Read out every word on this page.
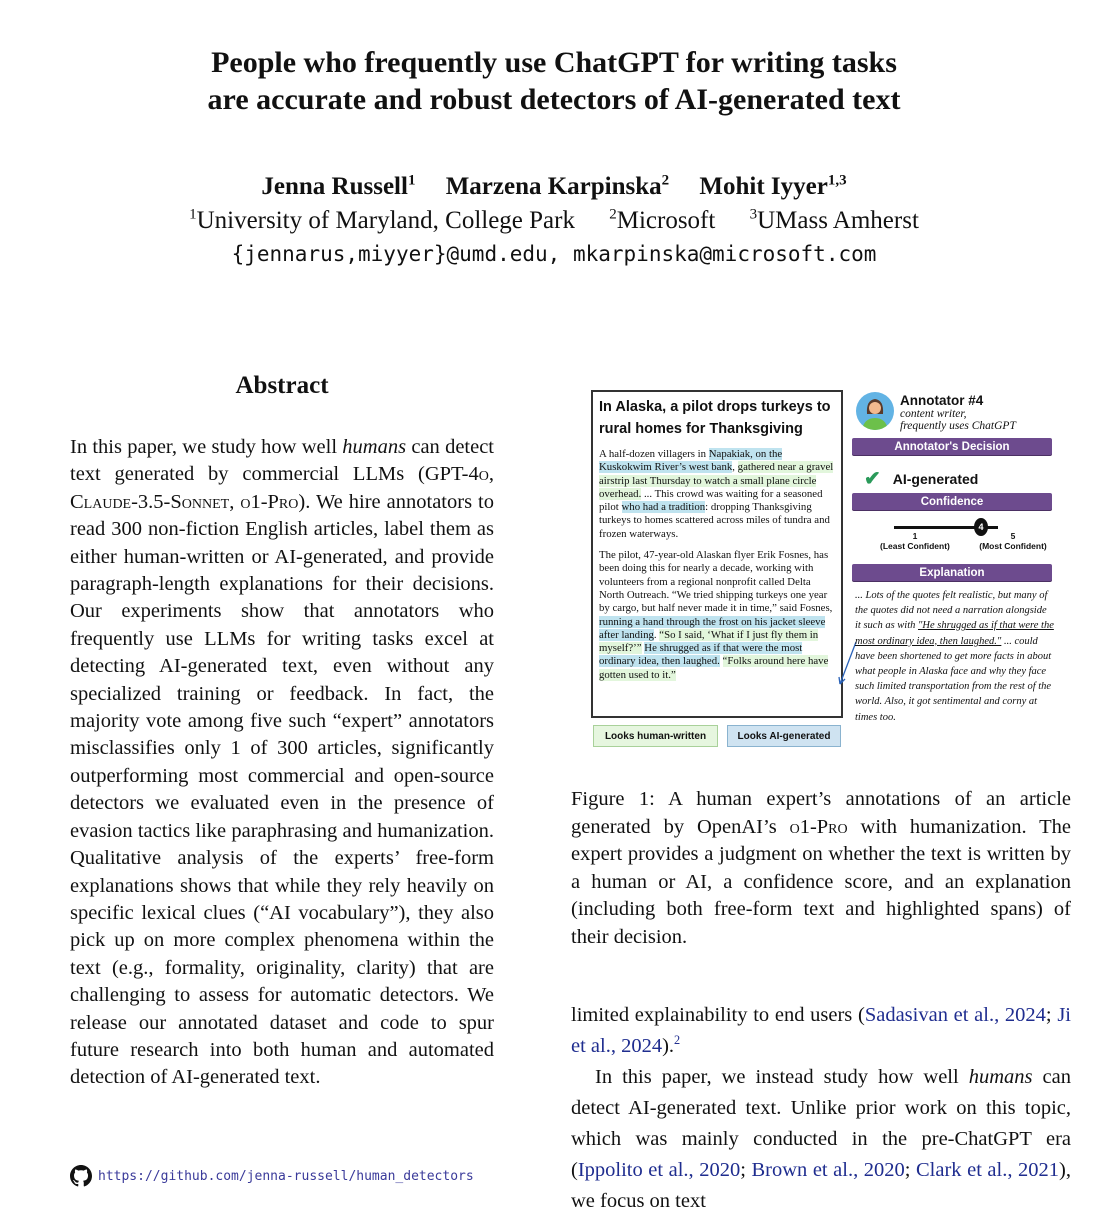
People who frequently use ChatGPT for writing tasks
are accurate and robust detectors of AI-generated text
Jenna Russell$^1$ Marzena Karpinska$^2$ Mohit Iyyer$^{1,3}$
$^1$University of Maryland, College Park $^2$Microsoft $^3$UMass Amherst
{jennarus,miyyer}@umd.edu, mkarpinska@microsoft.com
Abstract
In this paper, we study how well humans can detect text generated by commercial LLMs (GPT-4o, Claude-3.5-Sonnet, o1-Pro). We hire annotators to read 300 non-fiction English articles, label them as either human-written or AI-generated, and provide paragraph-length explanations for their decisions. Our experiments show that annotators who frequently use LLMs for writing tasks excel at detecting AI-generated text, even without any specialized training or feedback. In fact, the majority vote among five such “expert” annotators misclassifies only 1 of 300 articles, significantly outperforming most commercial and open-source detectors we evaluated even in the presence of evasion tactics like paraphrasing and humanization. Qualitative analysis of the experts’ free-form explanations shows that while they rely heavily on specific lexical clues (“AI vocabulary”), they also pick up on more complex phenomena within the text (e.g., formality, originality, clarity) that are challenging to assess for automatic detectors. We release our annotated dataset and code to spur future research into both human and automated detection of AI-generated text.
https://github.com/jenna-russell/human_detectors
In Alaska, a pilot drops turkeys to rural homes for Thanksgiving
A half-dozen villagers in Napakiak, on the Kuskokwim River’s west bank, gathered near a gravel airstrip last Thursday to watch a small plane circle overhead. ... This crowd was waiting for a seasoned pilot who had a tradition: dropping Thanksgiving turkeys to homes scattered across miles of tundra and frozen waterways.
The pilot, 47-year-old Alaskan flyer Erik Fosnes, has been doing this for nearly a decade, working with volunteers from a regional nonprofit called Delta North Outreach. “We tried shipping turkeys one year by cargo, but half never made it in time,” said Fosnes, running a hand through the frost on his jacket sleeve after landing. “So I said, ‘What if I just fly them in myself?’” He shrugged as if that were the most ordinary idea, then laughed. “Folks around here have gotten used to it.”
Looks human-written	Looks AI-generated
Annotator #4
content writer,
frequently uses ChatGPT
Annotator's Decision
✔ AI-generated
Confidence
4
1
(Least Confident)
5
(Most Confident)
Explanation
... Lots of the quotes felt realistic, but many of the quotes did not need a narration alongside it such as with "He shrugged as if that were the most ordinary idea, then laughed." ... could have been shortened to get more facts in about what people in Alaska face and why they face such limited transportation from the rest of the world. Also, it got sentimental and corny at times too.
Figure 1: A human expert’s annotations of an article generated by OpenAI’s o1-Pro with humanization. The expert provides a judgment on whether the text is written by a human or AI, a confidence score, and an explanation (including both free-form text and highlighted spans) of their decision.
limited explainability to end users (Sadasivan et al., 2024; Ji et al., 2024).$^2$
In this paper, we instead study how well humans can detect AI-generated text. Unlike prior work on this topic, which was mainly conducted in the pre-ChatGPT era (Ippolito et al., 2020; Brown et al., 2020; Clark et al., 2021), we focus on text
